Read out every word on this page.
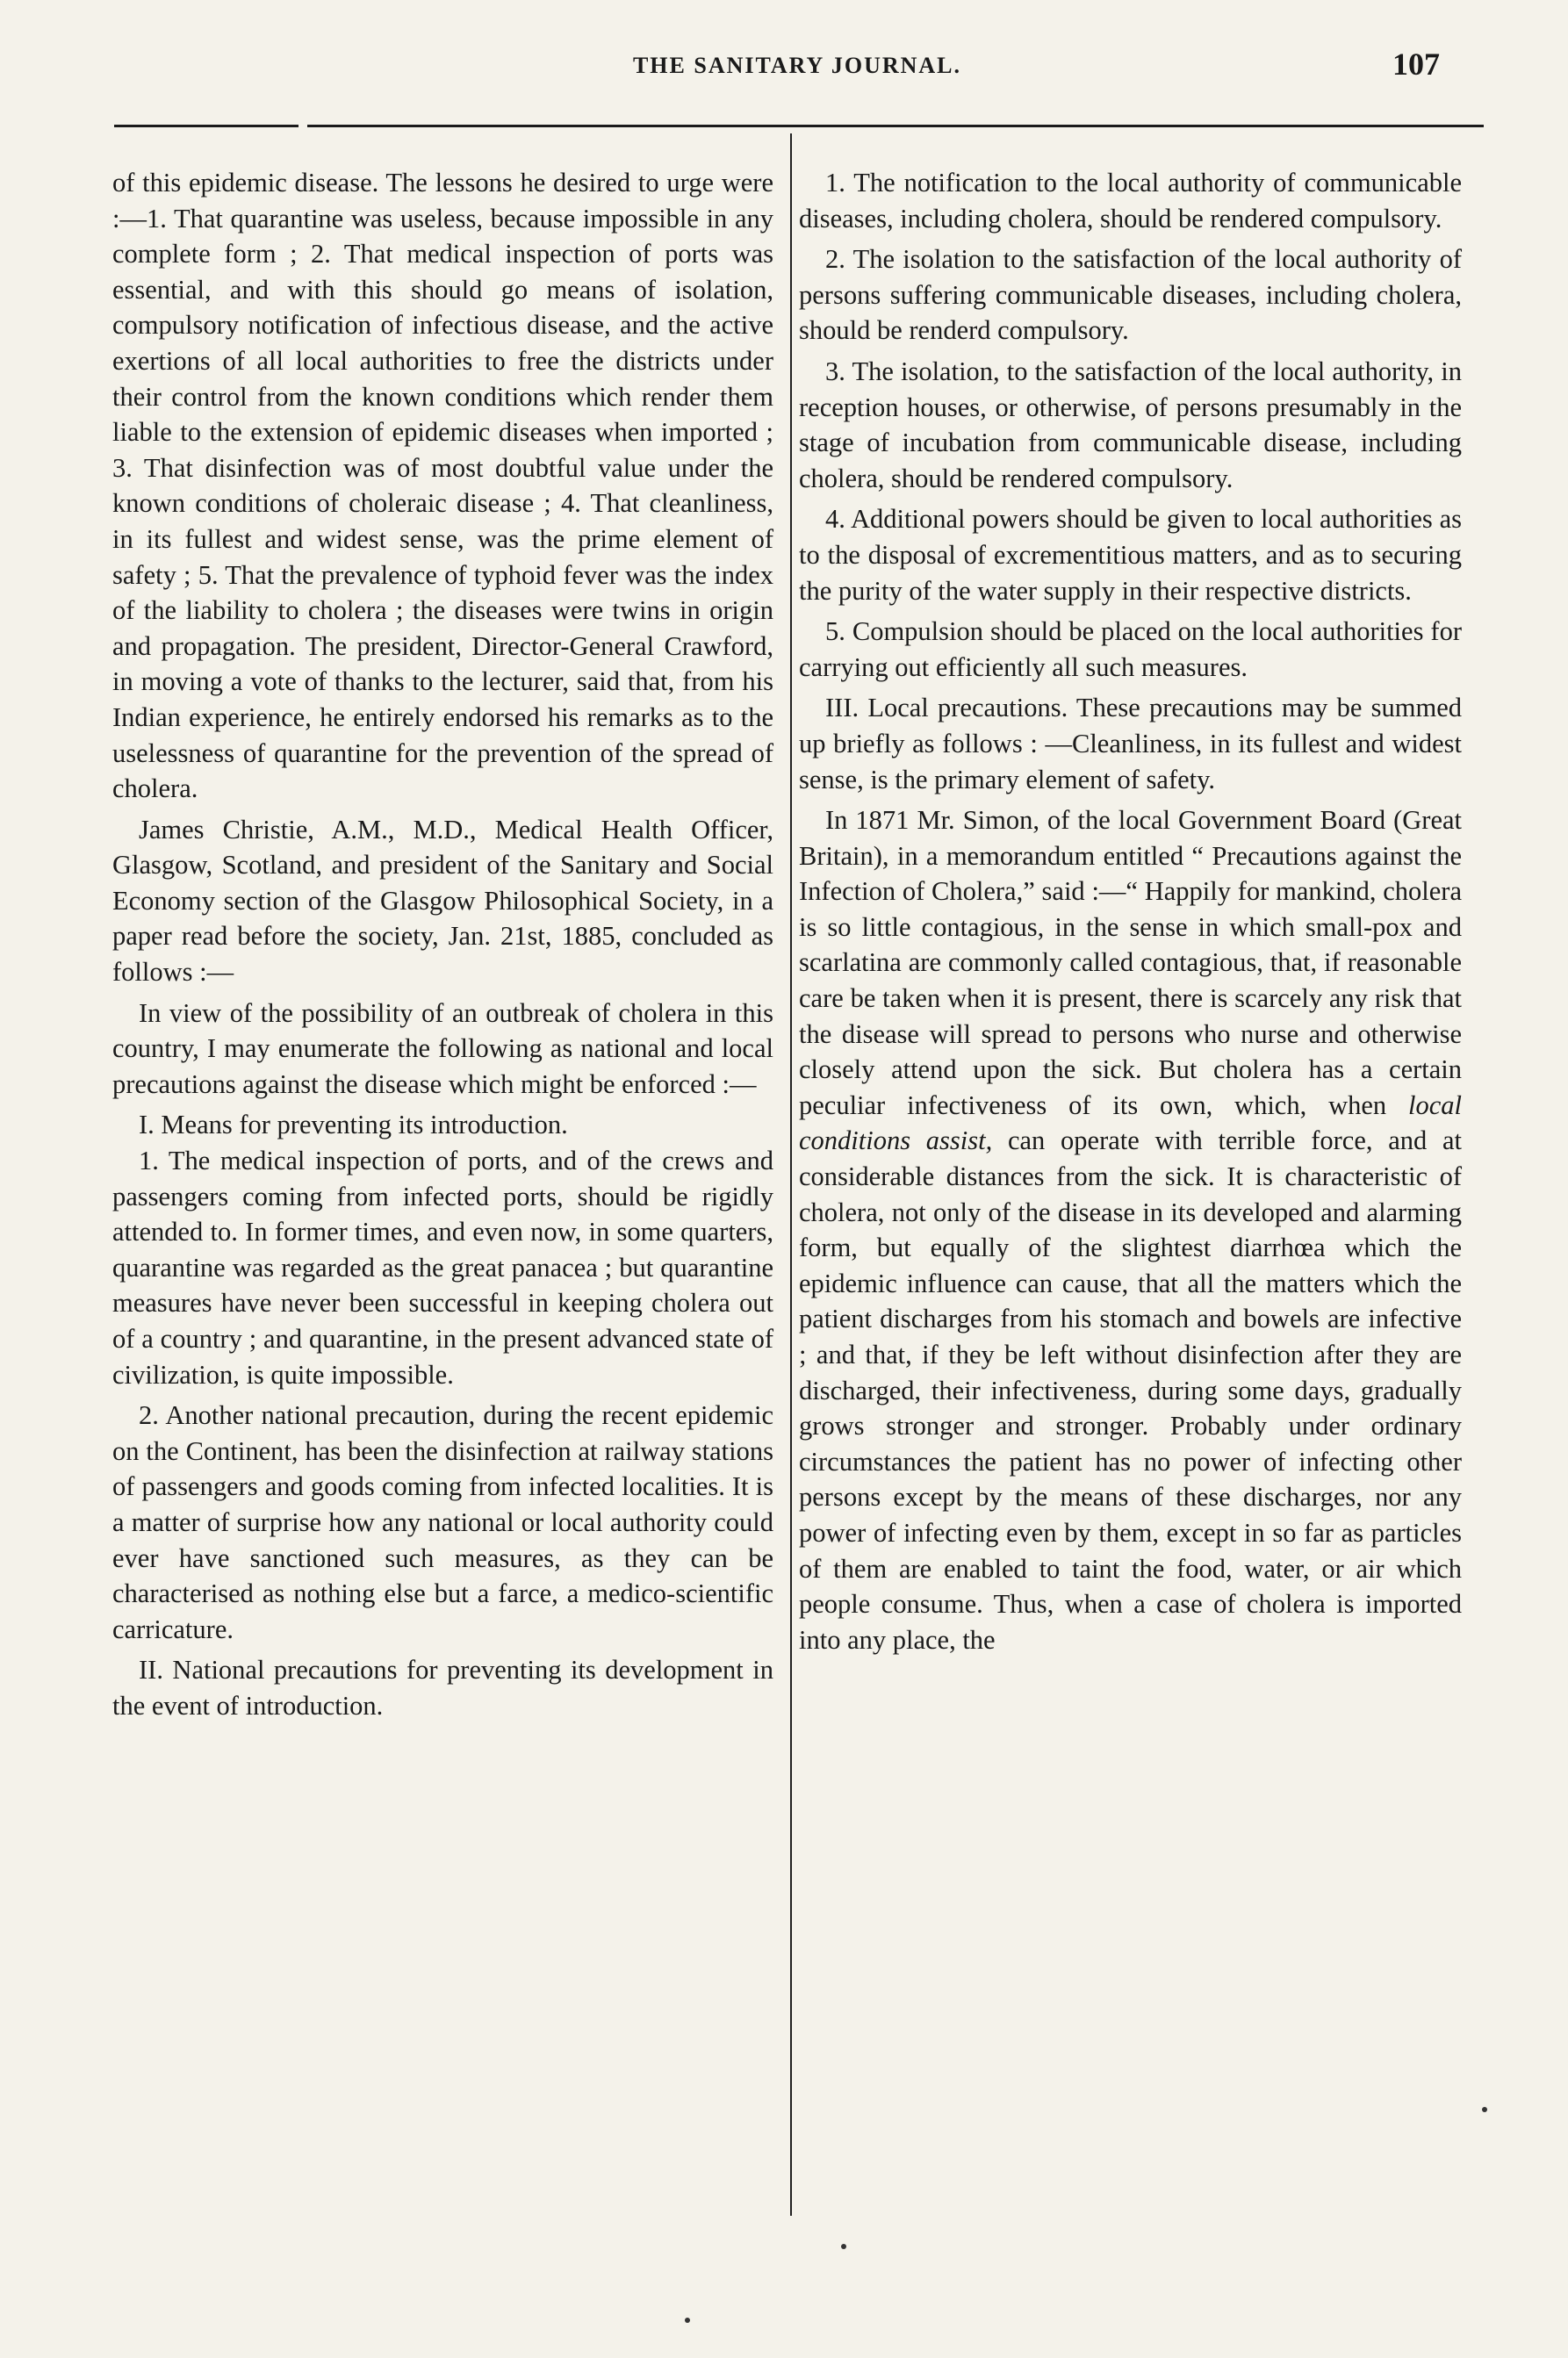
THE SANITARY JOURNAL.	107

of this epidemic disease. The lessons he desired to urge were :—1. That quarantine was useless, because impossible in any complete form ; 2. That medical inspection of ports was essential, and with this should go means of isolation, compulsory notification of infectious disease, and the active exertions of all local authorities to free the districts under their control from the known conditions which render them liable to the extension of epidemic diseases when imported ; 3. That disinfection was of most doubtful value under the known conditions of choleraic disease ; 4. That cleanliness, in its fullest and widest sense, was the prime element of safety ; 5. That the prevalence of typhoid fever was the index of the liability to cholera ; the diseases were twins in origin and propagation. The president, Director-General Crawford, in moving a vote of thanks to the lecturer, said that, from his Indian experience, he entirely endorsed his remarks as to the uselessness of quarantine for the prevention of the spread of cholera.

James Christie, A.M., M.D., Medical Health Officer, Glasgow, Scotland, and president of the Sanitary and Social Economy section of the Glasgow Philosophical Society, in a paper read before the society, Jan. 21st, 1885, concluded as follows :—

In view of the possibility of an outbreak of cholera in this country, I may enumerate the following as national and local precautions against the disease which might be enforced :—

I. Means for preventing its introduction.

1. The medical inspection of ports, and of the crews and passengers coming from infected ports, should be rigidly attended to. In former times, and even now, in some quarters, quarantine was regarded as the great panacea ; but quarantine measures have never been successful in keeping cholera out of a country ; and quarantine, in the present advanced state of civilization, is quite impossible.

2. Another national precaution, during the recent epidemic on the Continent, has been the disinfection at railway stations of passengers and goods coming from infected localities. It is a matter of surprise how any national or local authority could ever have sanctioned such measures, as they can be characterised as nothing else but a farce, a medico-scientific carricature.

II. National precautions for preventing its development in the event of introduction.

1. The notification to the local authority of communicable diseases, including cholera, should be rendered compulsory.

2. The isolation to the satisfaction of the local authority of persons suffering communicable diseases, including cholera, should be renderd compulsory.

3. The isolation, to the satisfaction of the local authority, in reception houses, or otherwise, of persons presumably in the stage of incubation from communicable disease, including cholera, should be rendered compulsory.

4. Additional powers should be given to local authorities as to the disposal of excrementitious matters, and as to securing the purity of the water supply in their respective districts.

5. Compulsion should be placed on the local authorities for carrying out efficiently all such measures.

III. Local precautions. These precautions may be summed up briefly as follows : —Cleanliness, in its fullest and widest sense, is the primary element of safety.

In 1871 Mr. Simon, of the local Government Board (Great Britain), in a memorandum entitled “ Precautions against the Infection of Cholera,” said :—“ Happily for mankind, cholera is so little contagious, in the sense in which small-pox and scarlatina are commonly called contagious, that, if reasonable care be taken when it is present, there is scarcely any risk that the disease will spread to persons who nurse and otherwise closely attend upon the sick. But cholera has a certain peculiar infectiveness of its own, which, when local conditions assist, can operate with terrible force, and at considerable distances from the sick. It is characteristic of cholera, not only of the disease in its developed and alarming form, but equally of the slightest diarrhœa which the epidemic influence can cause, that all the matters which the patient discharges from his stomach and bowels are infective ; and that, if they be left without disinfection after they are discharged, their infectiveness, during some days, gradually grows stronger and stronger. Probably under ordinary circumstances the patient has no power of infecting other persons except by the means of these discharges, nor any power of infecting even by them, except in so far as particles of them are enabled to taint the food, water, or air which people consume. Thus, when a case of cholera is imported into any place, the
